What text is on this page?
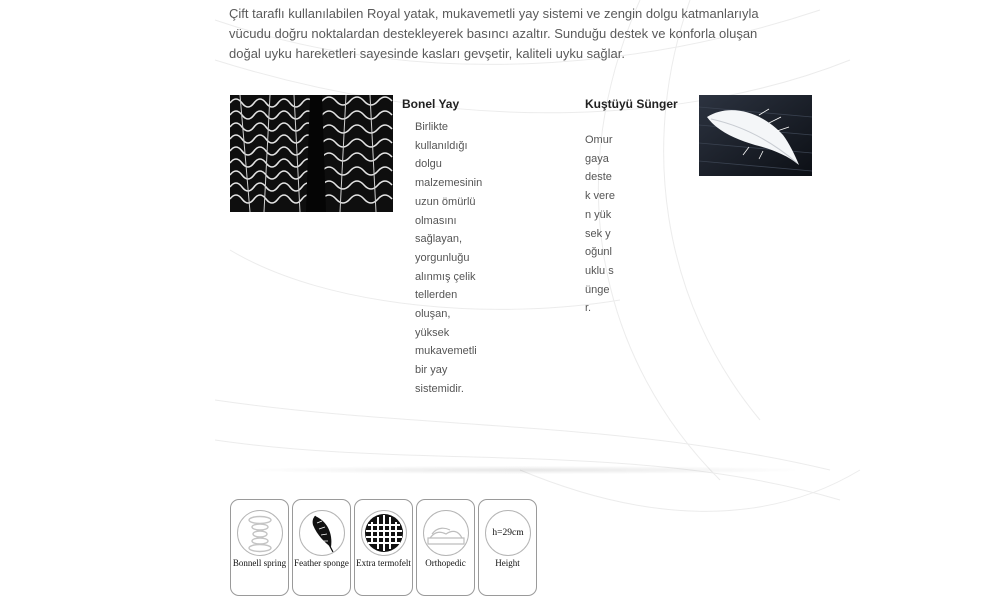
Çift taraflı kullanılabilen Royal yatak, mukavemetli yay sistemi ve zengin dolgu katmanlarıyla vücudu doğru noktalardan destekleyerek basıncı azaltır. Sunduğu destek ve konforla oluşan doğal uyku hareketleri sayesinde kasları gevşetir, kaliteli uyku sağlar.

Bonel Yay

Birlikte kullanıldığı dolgu malzemesinin uzun ömürlü olmasını sağlayan, yorgunluğu alınmış çelik tellerden oluşan, yüksek mukavemetli bir yay sistemidir.

Kuştüyü Sünger

Omurgaya destek veren yüksek yoğunluklu sünger.

Bonnell spring Feather sponge Extra termofelt	Orthopedic
h=29cm
Height
